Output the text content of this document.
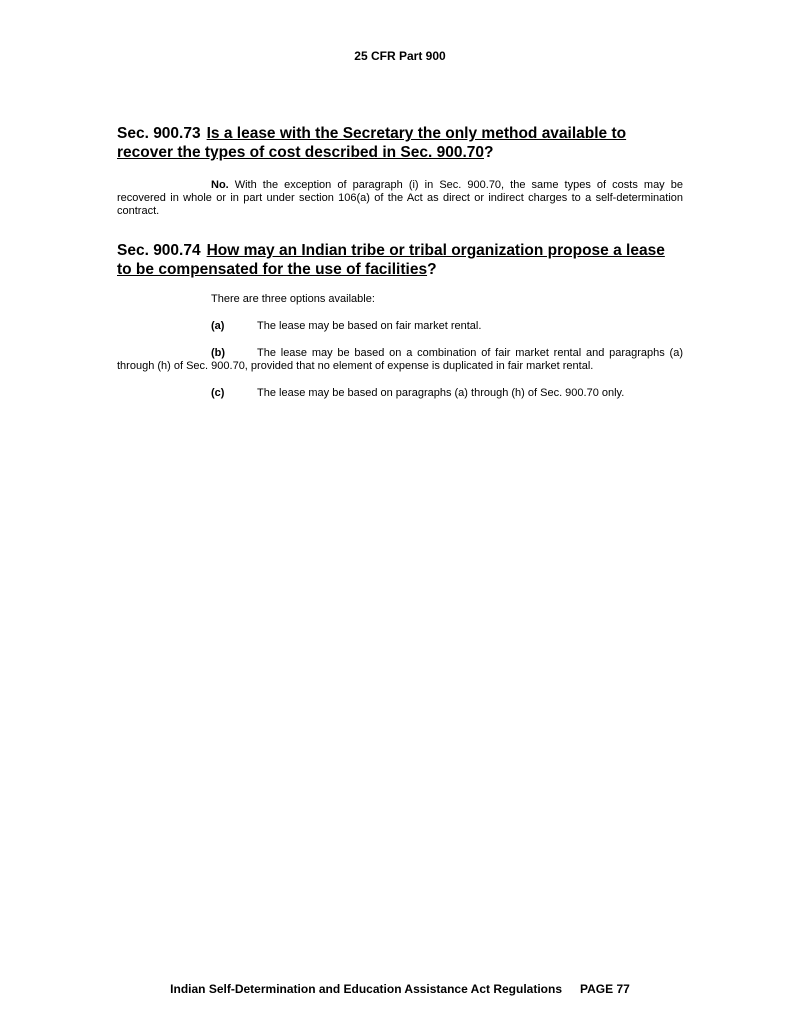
25 CFR Part 900
Sec. 900.73 Is a lease with the Secretary the only method available to recover the types of cost described in Sec. 900.70?

No. With the exception of paragraph (i) in Sec. 900.70, the same types of costs may be recovered in whole or in part under section 106(a) of the Act as direct or indirect charges to a self-determination contract.

Sec. 900.74 How may an Indian tribe or tribal organization propose a lease to be compensated for the use of facilities?

There are three options available:

(a)	The lease may be based on fair market rental.

(b)	The lease may be based on a combination of fair market rental and paragraphs (a) through (h) of Sec. 900.70, provided that no element of expense is duplicated in fair market rental.

(c)	The lease may be based on paragraphs (a) through (h) of Sec. 900.70 only.

Indian Self-Determination and Education Assistance Act Regulations PAGE 77
